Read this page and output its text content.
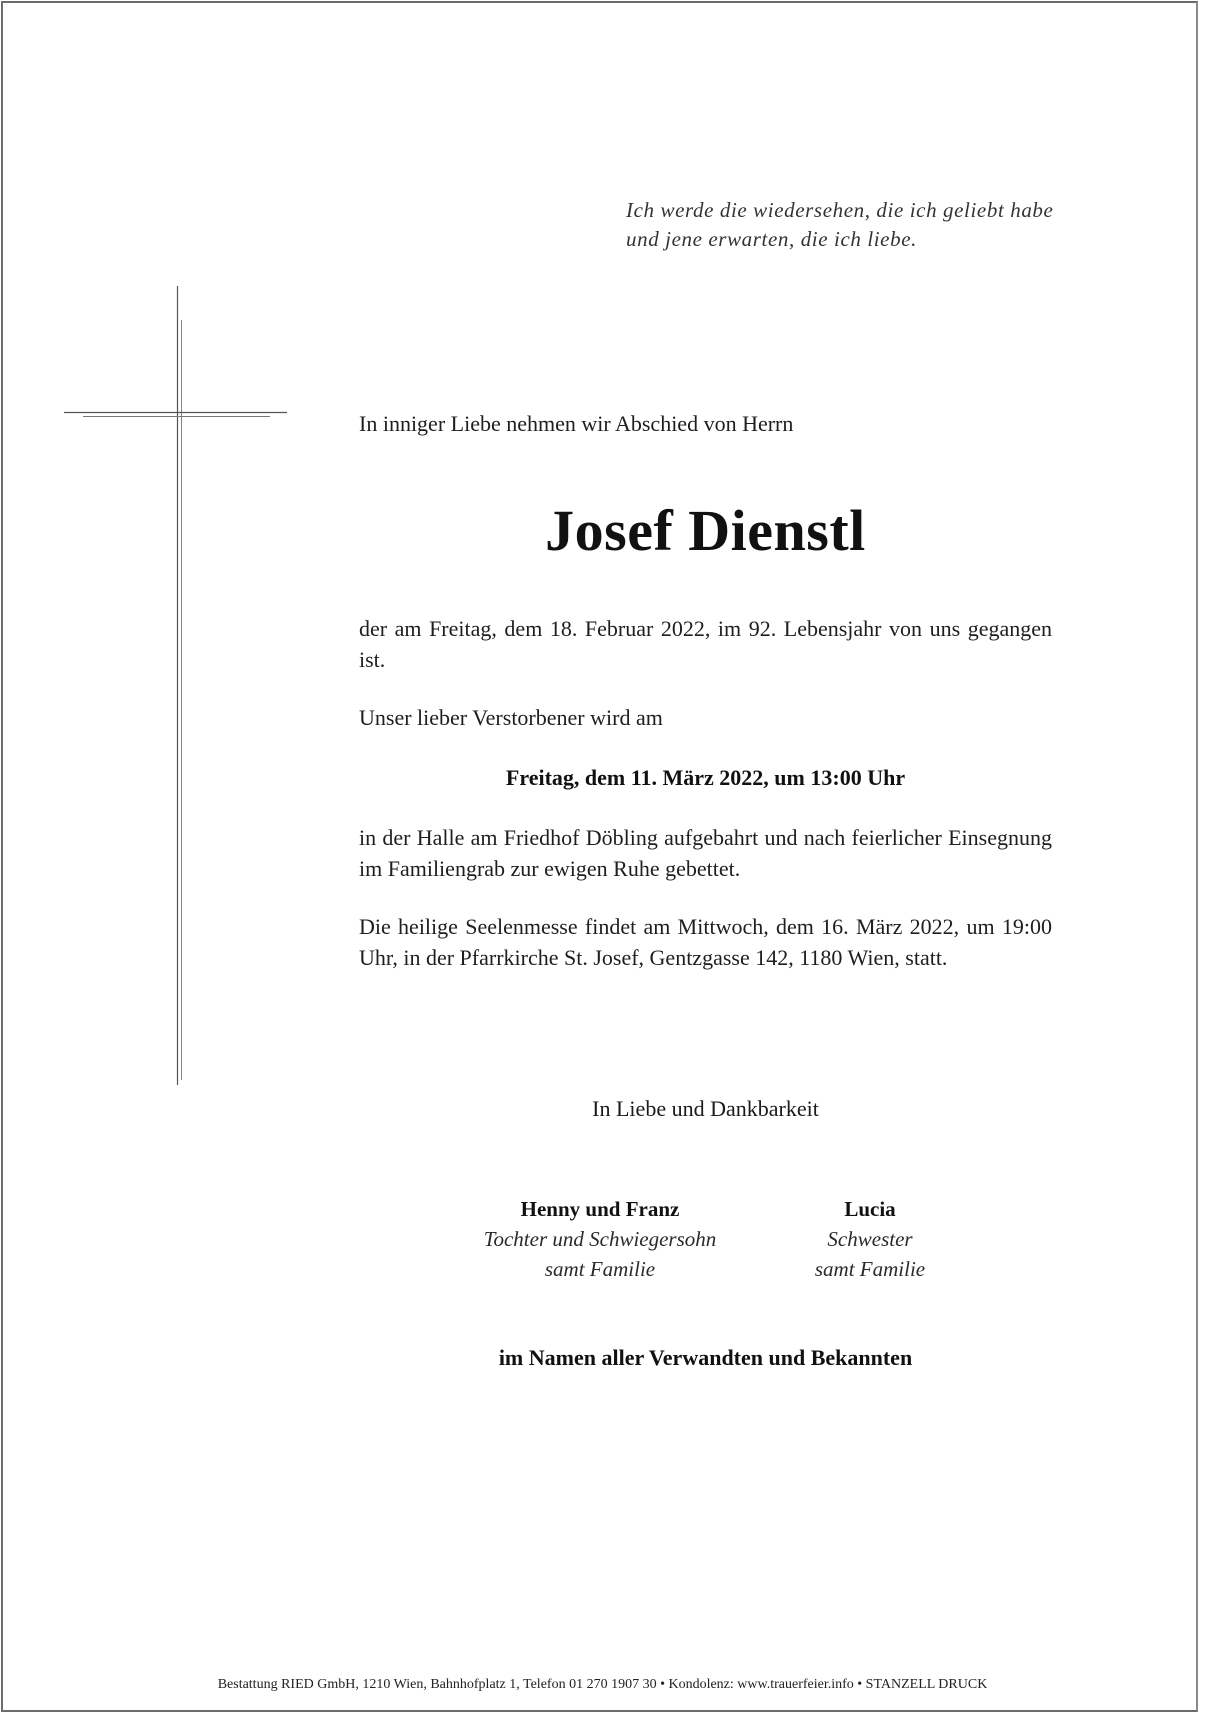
Ich werde die wiedersehen, die ich geliebt habe
und jene erwarten, die ich liebe.
In inniger Liebe nehmen wir Abschied von Herrn
Josef Dienstl
der am Freitag, dem 18. Februar 2022, im 92. Lebensjahr von uns gegangen ist.
Unser lieber Verstorbener wird am
Freitag, dem 11. März 2022, um 13:00 Uhr
in der Halle am Friedhof Döbling aufgebahrt und nach feierlicher Einsegnung im Familiengrab zur ewigen Ruhe gebettet.
Die heilige Seelenmesse findet am Mittwoch, dem 16. März 2022, um 19:00 Uhr, in der Pfarrkirche St. Josef, Gentzgasse 142, 1180 Wien, statt.
In Liebe und Dankbarkeit
Henny und Franz
Tochter und Schwiegersohn
samt Familie
Lucia
Schwester
samt Familie
im Namen aller Verwandten und Bekannten
Bestattung RIED GmbH, 1210 Wien, Bahnhofplatz 1, Telefon 01 270 1907 30 • Kondolenz: www.trauerfeier.info • STANZELL DRUCK
